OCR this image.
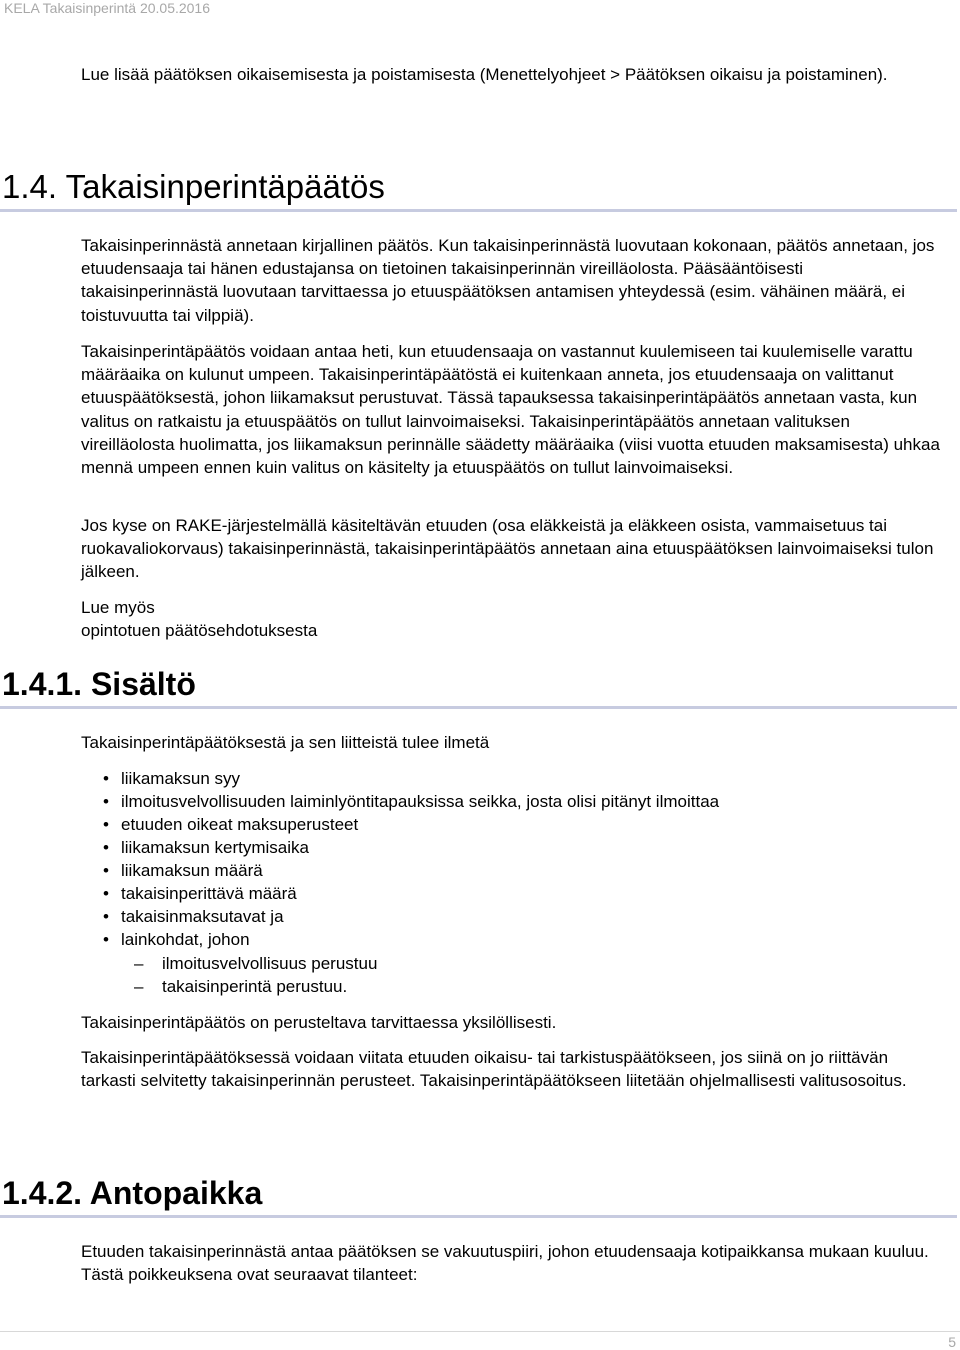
KELA Takaisinperintä 20.05.2016

Lue lisää päätöksen oikaisemisesta ja poistamisesta (Menettelyohjeet > Päätöksen oikaisu ja poistaminen).

1.4. Takaisinperintäpäätös

Takaisinperinnästä annetaan kirjallinen päätös. Kun takaisinperinnästä luovutaan kokonaan, päätös annetaan, jos etuudensaaja tai hänen edustajansa on tietoinen takaisinperinnän vireilläolosta. Pääsääntöisesti takaisinperinnästä luovutaan tarvittaessa jo etuuspäätöksen antamisen yhteydessä (esim. vähäinen määrä, ei toistuvuutta tai vilppiä).

Takaisinperintäpäätös voidaan antaa heti, kun etuudensaaja on vastannut kuulemiseen tai kuulemiselle varattu määräaika on kulunut umpeen. Takaisinperintäpäätöstä ei kuitenkaan anneta, jos etuudensaaja on valittanut etuuspäätöksestä, johon liikamaksut perustuvat. Tässä tapauksessa takaisinperintäpäätös annetaan vasta, kun valitus on ratkaistu ja etuuspäätös on tullut lainvoimaiseksi. Takaisinperintäpäätös annetaan valituksen vireilläolosta huolimatta, jos liikamaksun perinnälle säädetty määräaika (viisi vuotta etuuden maksamisesta) uhkaa mennä umpeen ennen kuin valitus on käsitelty ja etuuspäätös on tullut lainvoimaiseksi.

Jos kyse on RAKE-järjestelmällä käsiteltävän etuuden (osa eläkkeistä ja eläkkeen osista, vammaisetuus tai ruokavaliokorvaus) takaisinperinnästä, takaisinperintäpäätös annetaan aina etuuspäätöksen lainvoimaiseksi tulon jälkeen.

Lue myös
opintotuen päätösehdotuksesta
1.4.1. Sisältö

Takaisinperintäpäätöksestä ja sen liitteistä tulee ilmetä

• liikamaksun syy
• ilmoitusvelvollisuuden laiminlyöntitapauksissa seikka, josta olisi pitänyt ilmoittaa
• etuuden oikeat maksuperusteet
• liikamaksun kertymisaika
• liikamaksun määrä
• takaisinperittävä määrä
• takaisinmaksutavat ja
• lainkohdat, johon
– ilmoitusvelvollisuus perustuu
– takaisinperintä perustuu.

Takaisinperintäpäätös on perusteltava tarvittaessa yksilöllisesti.

Takaisinperintäpäätöksessä voidaan viitata etuuden oikaisu- tai tarkistuspäätökseen, jos siinä on jo riittävän tarkasti selvitetty takaisinperinnän perusteet. Takaisinperintäpäätökseen liitetään ohjelmallisesti valitusosoitus.

1.4.2. Antopaikka

Etuuden takaisinperinnästä antaa päätöksen se vakuutuspiiri, johon etuudensaaja kotipaikkansa mukaan kuuluu. Tästä poikkeuksena ovat seuraavat tilanteet:

5
